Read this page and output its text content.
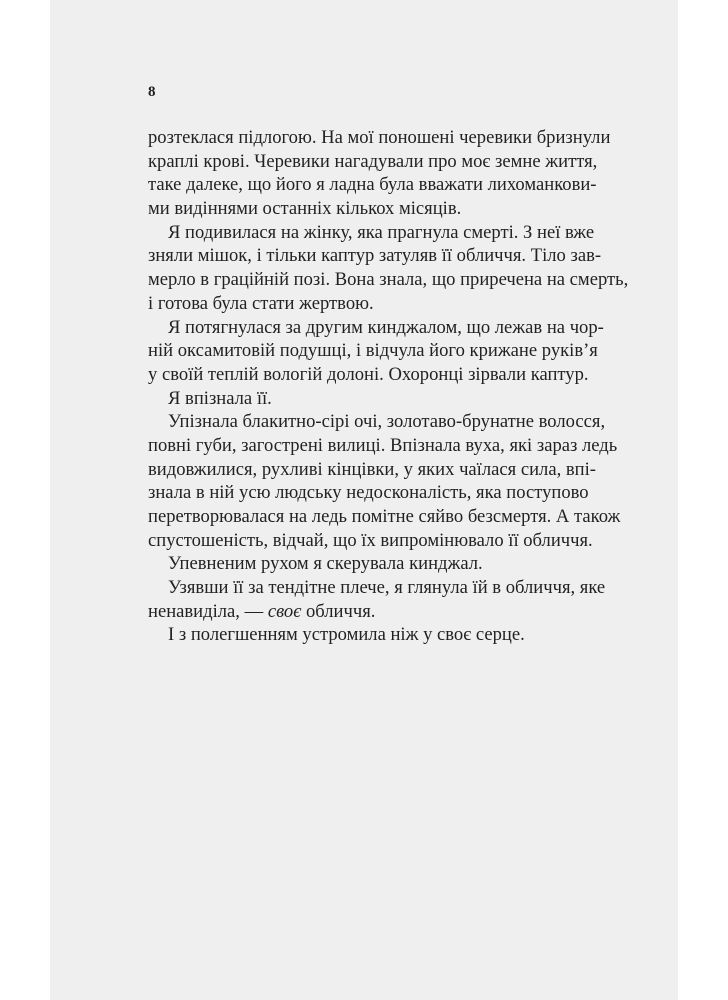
8
розтеклася підлогою. На мої поношені черевики бризнули
краплі крові. Черевики нагадували про моє земне життя,
таке далеке, що його я ладна була вважати лихоманкови-
ми видіннями останніх кількох місяців.
Я подивилася на жінку, яка прагнула смерті. З неї вже
зняли мішок, і тільки каптур затуляв її обличчя. Тіло зав-
мерло в грацiйній позі. Вона знала, що приречена на смерть,
і готова була стати жертвою.
Я потягнулася за другим кинджалом, що лежав на чор-
ній оксамитовій подушці, і відчула його крижане руків’я
у своїй теплій вологій долоні. Охоронці зірвали каптур.
Я впізнала її.
Упізнала блакитно-сірі очі, золотаво-брунатне волосся,
повні губи, загострені вилиці. Впізнала вуха, які зараз ледь
видовжилися, рухливі кінцівки, у яких чаїлася сила, впі-
знала в ній усю людську недосконалість, яка поступово
перетворювалася на ледь помітне сяйво безсмертя. А також
спустошеність, відчай, що їх випромінювало її обличчя.
Упевненим рухом я скерувала кинджал.
Узявши її за тендітне плече, я глянула їй в обличчя, яке
ненавиділа, — своє обличчя.
І з полегшенням устромила ніж у своє серце.
